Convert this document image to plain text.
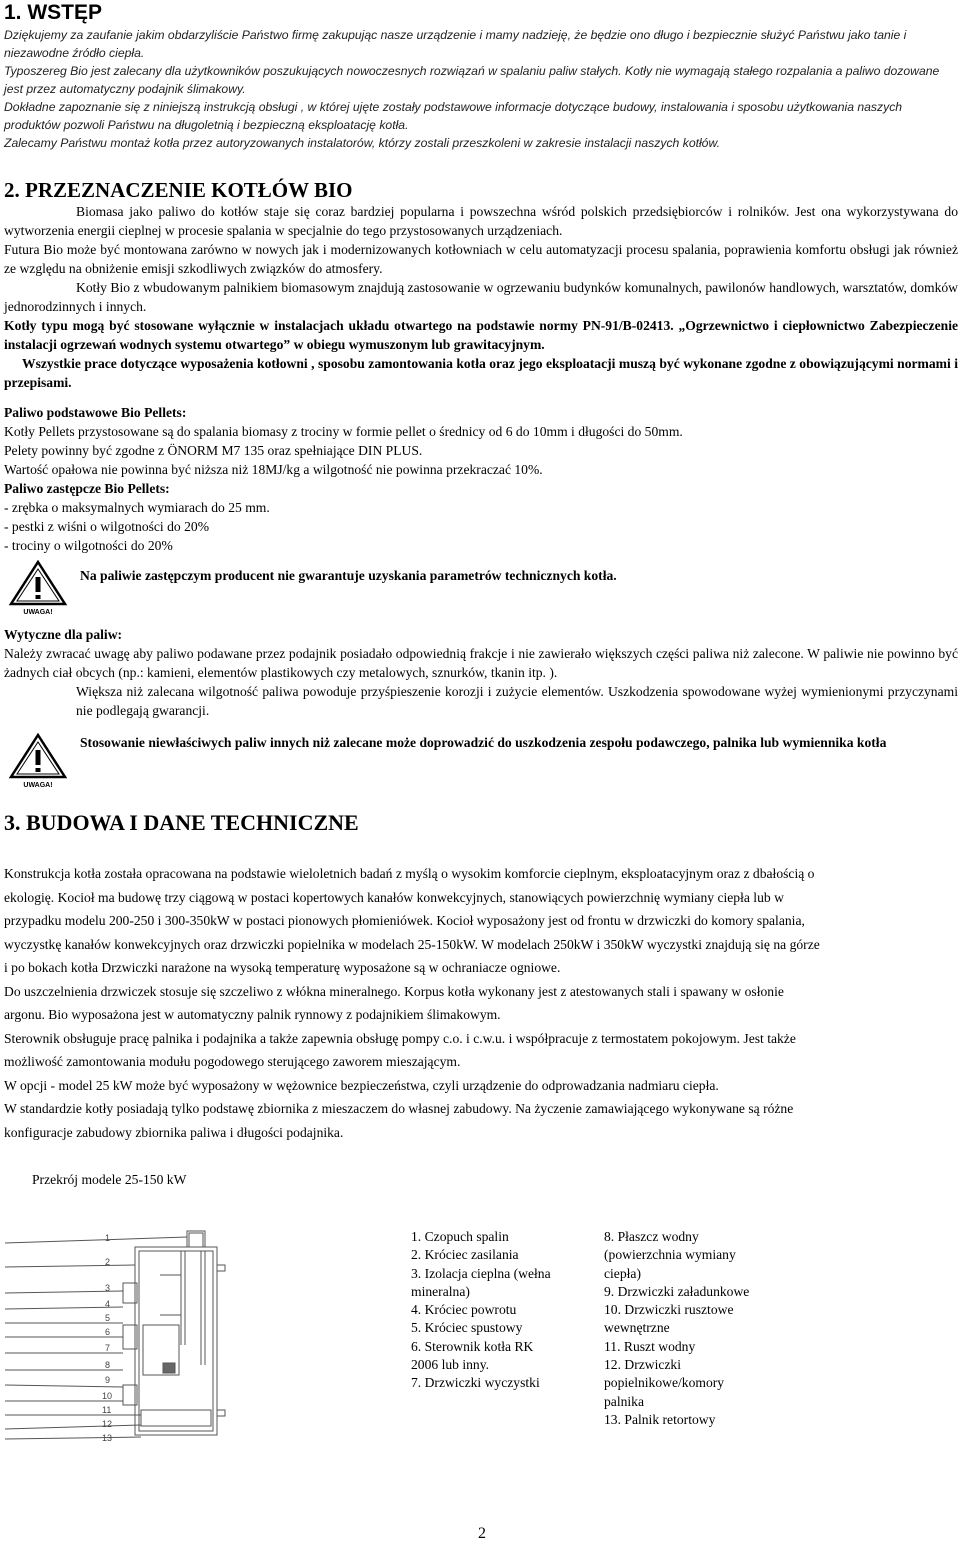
1. WSTĘP

Dziękujemy za zaufanie jakim obdarzyliście Państwo firmę zakupując nasze urządzenie i mamy nadzieję, że będzie ono długo i bezpiecznie służyć Państwu jako tanie i niezawodne źródło ciepła.

Typoszereg Bio jest zalecany dla użytkowników poszukujących nowoczesnych rozwiązań w spalaniu paliw stałych. Kotły nie wymagają stałego rozpalania a paliwo dozowane jest przez automatyczny podajnik ślimakowy.

Dokładne zapoznanie się z niniejszą instrukcją obsługi , w której ujęte zostały podstawowe informacje dotyczące budowy, instalowania i sposobu użytkowania naszych produktów pozwoli Państwu na długoletnią i bezpieczną eksploatację kotła.

Zalecamy Państwu montaż kotła przez autoryzowanych instalatorów, którzy zostali przeszkoleni w zakresie instalacji naszych kotłów.

2. PRZEZNACZENIE KOTŁÓW BIO

Biomasa jako paliwo do kotłów staje się coraz bardziej popularna i powszechna wśród polskich przedsiębiorców i rolników. Jest ona wykorzystywana do wytworzenia energii cieplnej w procesie spalania w specjalnie do tego przystosowanych urządzeniach.

Futura Bio może być montowana zarówno w nowych jak i modernizowanych kotłowniach w celu automatyzacji procesu spalania, poprawienia komfortu obsługi jak również ze względu na obniżenie emisji szkodliwych związków do atmosfery.

Kotły Bio z wbudowanym palnikiem biomasowym znajdują zastosowanie w ogrzewaniu budynków komunalnych, pawilonów handlowych, warsztatów, domków jednorodzinnych i innych.

Kotły typu mogą być stosowane wyłącznie w instalacjach układu otwartego na podstawie normy PN-91/B-02413. „Ogrzewnictwo i ciepłownictwo Zabezpieczenie instalacji ogrzewań wodnych systemu otwartego” w obiegu wymuszonym lub grawitacyjnym.

Wszystkie prace dotyczące wyposażenia kotłowni , sposobu zamontowania kotła oraz jego eksploatacji muszą być wykonane zgodne z obowiązującymi normami i przepisami.

Paliwo podstawowe Bio Pellets:

Kotły Pellets przystosowane są do spalania biomasy z trociny w formie pellet o średnicy od 6 do 10mm i długości do 50mm.

Pelety powinny być zgodne z ÖNORM M7 135 oraz spełniające DIN PLUS.

Wartość opałowa nie powinna być niższa niż 18MJ/kg a wilgotność nie powinna przekraczać 10%.

Paliwo zastępcze Bio Pellets:

- zrębka o maksymalnych wymiarach do 25 mm.

- pestki z wiśni o wilgotności do 20%

- trociny o wilgotności do 20%

UWAGA!
Na paliwie zastępczym producent nie gwarantuje uzyskania parametrów technicznych kotła.

Wytyczne dla paliw:

Należy zwracać uwagę aby paliwo podawane przez podajnik posiadało odpowiednią frakcje i nie zawierało większych części paliwa niż zalecone. W paliwie nie powinno być żadnych ciał obcych (np.: kamieni, elementów plastikowych czy metalowych, sznurków, tkanin itp. ).

Większa niż zalecana wilgotność paliwa powoduje przyśpieszenie korozji i zużycie elementów. Uszkodzenia spowodowane wyżej wymienionymi przyczynami nie podlegają gwarancji.

UWAGA!
Stosowanie niewłaściwych paliw innych niż zalecane może doprowadzić do uszkodzenia zespołu podawczego, palnika lub wymiennika kotła
3. BUDOWA I DANE TECHNICZNE

Konstrukcja kotła została opracowana na podstawie wieloletnich badań z myślą o wysokim komforcie cieplnym, eksploatacyjnym oraz z dbałością o

ekologię. Kocioł ma budowę trzy ciągową w postaci kopertowych kanałów konwekcyjnych, stanowiących powierzchnię wymiany ciepła lub w

przypadku modelu 200-250 i 300-350kW w postaci pionowych płomieniówek. Kocioł wyposażony jest od frontu w drzwiczki do komory spalania,

wyczystkę kanałów konwekcyjnych oraz drzwiczki popielnika w modelach 25-150kW. W modelach 250kW i 350kW wyczystki znajdują się na górze

i po bokach kotła Drzwiczki narażone na wysoką temperaturę wyposażone są w ochraniacze ogniowe.

Do uszczelnienia drzwiczek stosuje się szczeliwo z włókna mineralnego. Korpus kotła wykonany jest z atestowanych stali i spawany w osłonie

argonu. Bio wyposażona jest w automatyczny palnik rynnowy z podajnikiem ślimakowym.

Sterownik obsługuje pracę palnika i podajnika a także zapewnia obsługę pompy c.o. i c.w.u. i współpracuje z termostatem pokojowym. Jest także

możliwość zamontowania modułu pogodowego sterującego zaworem mieszającym.

W opcji - model 25 kW może być wyposażony w wężownice bezpieczeństwa, czyli urządzenie do odprowadzania nadmiaru ciepła.

W standardzie kotły posiadają tylko podstawę zbiornika z mieszaczem do własnej zabudowy. Na życzenie zamawiającego wykonywane są różne

konfiguracje zabudowy zbiornika paliwa i długości podajnika.

Przekrój modele 25-150 kW
1
2
3
4
5
6
7
8
9
10
11
12
13
1. Czopuch spalin
2. Króciec zasilania
3. Izolacja cieplna (wełna
mineralna)
4. Króciec powrotu
5. Króciec spustowy
6. Sterownik kotła RK
2006 lub inny.
7. Drzwiczki wyczystki
8. Płaszcz wodny
(powierzchnia wymiany
ciepła)
9. Drzwiczki załadunkowe
10. Drzwiczki rusztowe
wewnętrzne
11. Ruszt wodny
12. Drzwiczki
popielnikowe/komory
palnika
13. Palnik retortowy
2
